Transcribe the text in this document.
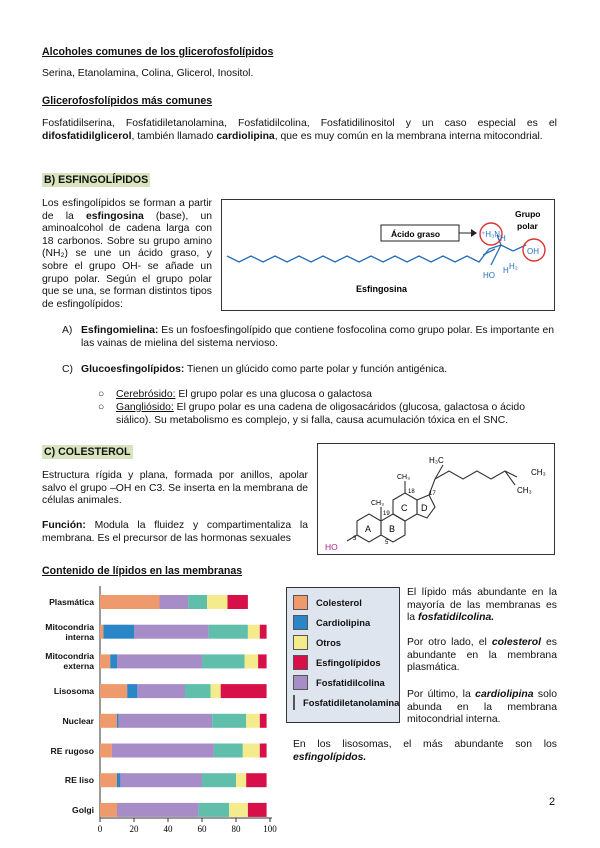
Alcoholes comunes de los glicerofosfolípidos
Serina, Etanolamina, Colina, Glicerol, Inositol.
Glicerofosfolípidos más comunes
Fosfatidilserina, Fosfatidiletanolamina, Fosfatidilcolina, Fosfatidilinositol y un caso especial es el difosfatidilglicerol, también llamado cardiolipina, que es muy común en la membrana interna mitocondrial.
B) ESFINGOLÍPIDOS
Los esfingolípidos se forman a partir de la esfingosina (base), un aminoalcohol de cadena larga con 18 carbonos. Sobre su grupo amino (NH₂) se une un ácido graso, y sobre el grupo OH- se añade un grupo polar. Según el grupo polar que se una, se forman distintos tipos de esfingolípidos:
Ácido graso	⁺H₃N
Grupo
polar
OH
H
HO
H H₂
Esfingosina
A) Esfingomielina: Es un fosfoesfingolípido que contiene fosfocolina como grupo polar. Es importante en las vainas de mielina del sistema nervioso.
C) Glucoesfingolípidos: Tienen un glúcido como parte polar y función antigénica.
○ Cerebrósido: El grupo polar es una glucosa o galactosa
○ Gangliósido: El grupo polar es una cadena de oligosacáridos (glucosa, galactosa o ácido siálico). Su metabolismo es complejo, y si falla, causa acumulación tóxica en el SNC.
C) COLESTEROL
Estructura rígida y plana, formada por anillos, apolar salvo el grupo –OH en C3. Se inserta en la membrana de células animales.
Función: Modula la fluidez y compartimentaliza la membrana. Es el precursor de las hormonas sexuales
H₃C
CH₃
CH₃
CH₃
CH₃
18
19
17
3
5
A B
C D
HO
Contenido de lípidos en las membranas
Plasmática
Mitocondria
interna
Mitocondria
externa
Lisosoma
Nuclear
RE rugoso
RE liso
Golgi
0	20	40	60	80	100
Colesterol
Cardiolipina
Otros
Esfingolípidos
Fosfatidilcolina
Fosfatidiletanolamina
El lípido más abundante en la mayoría de las membranas es la fosfatidilcolina.
Por otro lado, el colesterol es abundante en la membrana plasmática.
Por último, la cardiolipina solo abunda en la membrana mitocondrial interna.
En los lisosomas, el más abundante son los esfingolípidos.
2
